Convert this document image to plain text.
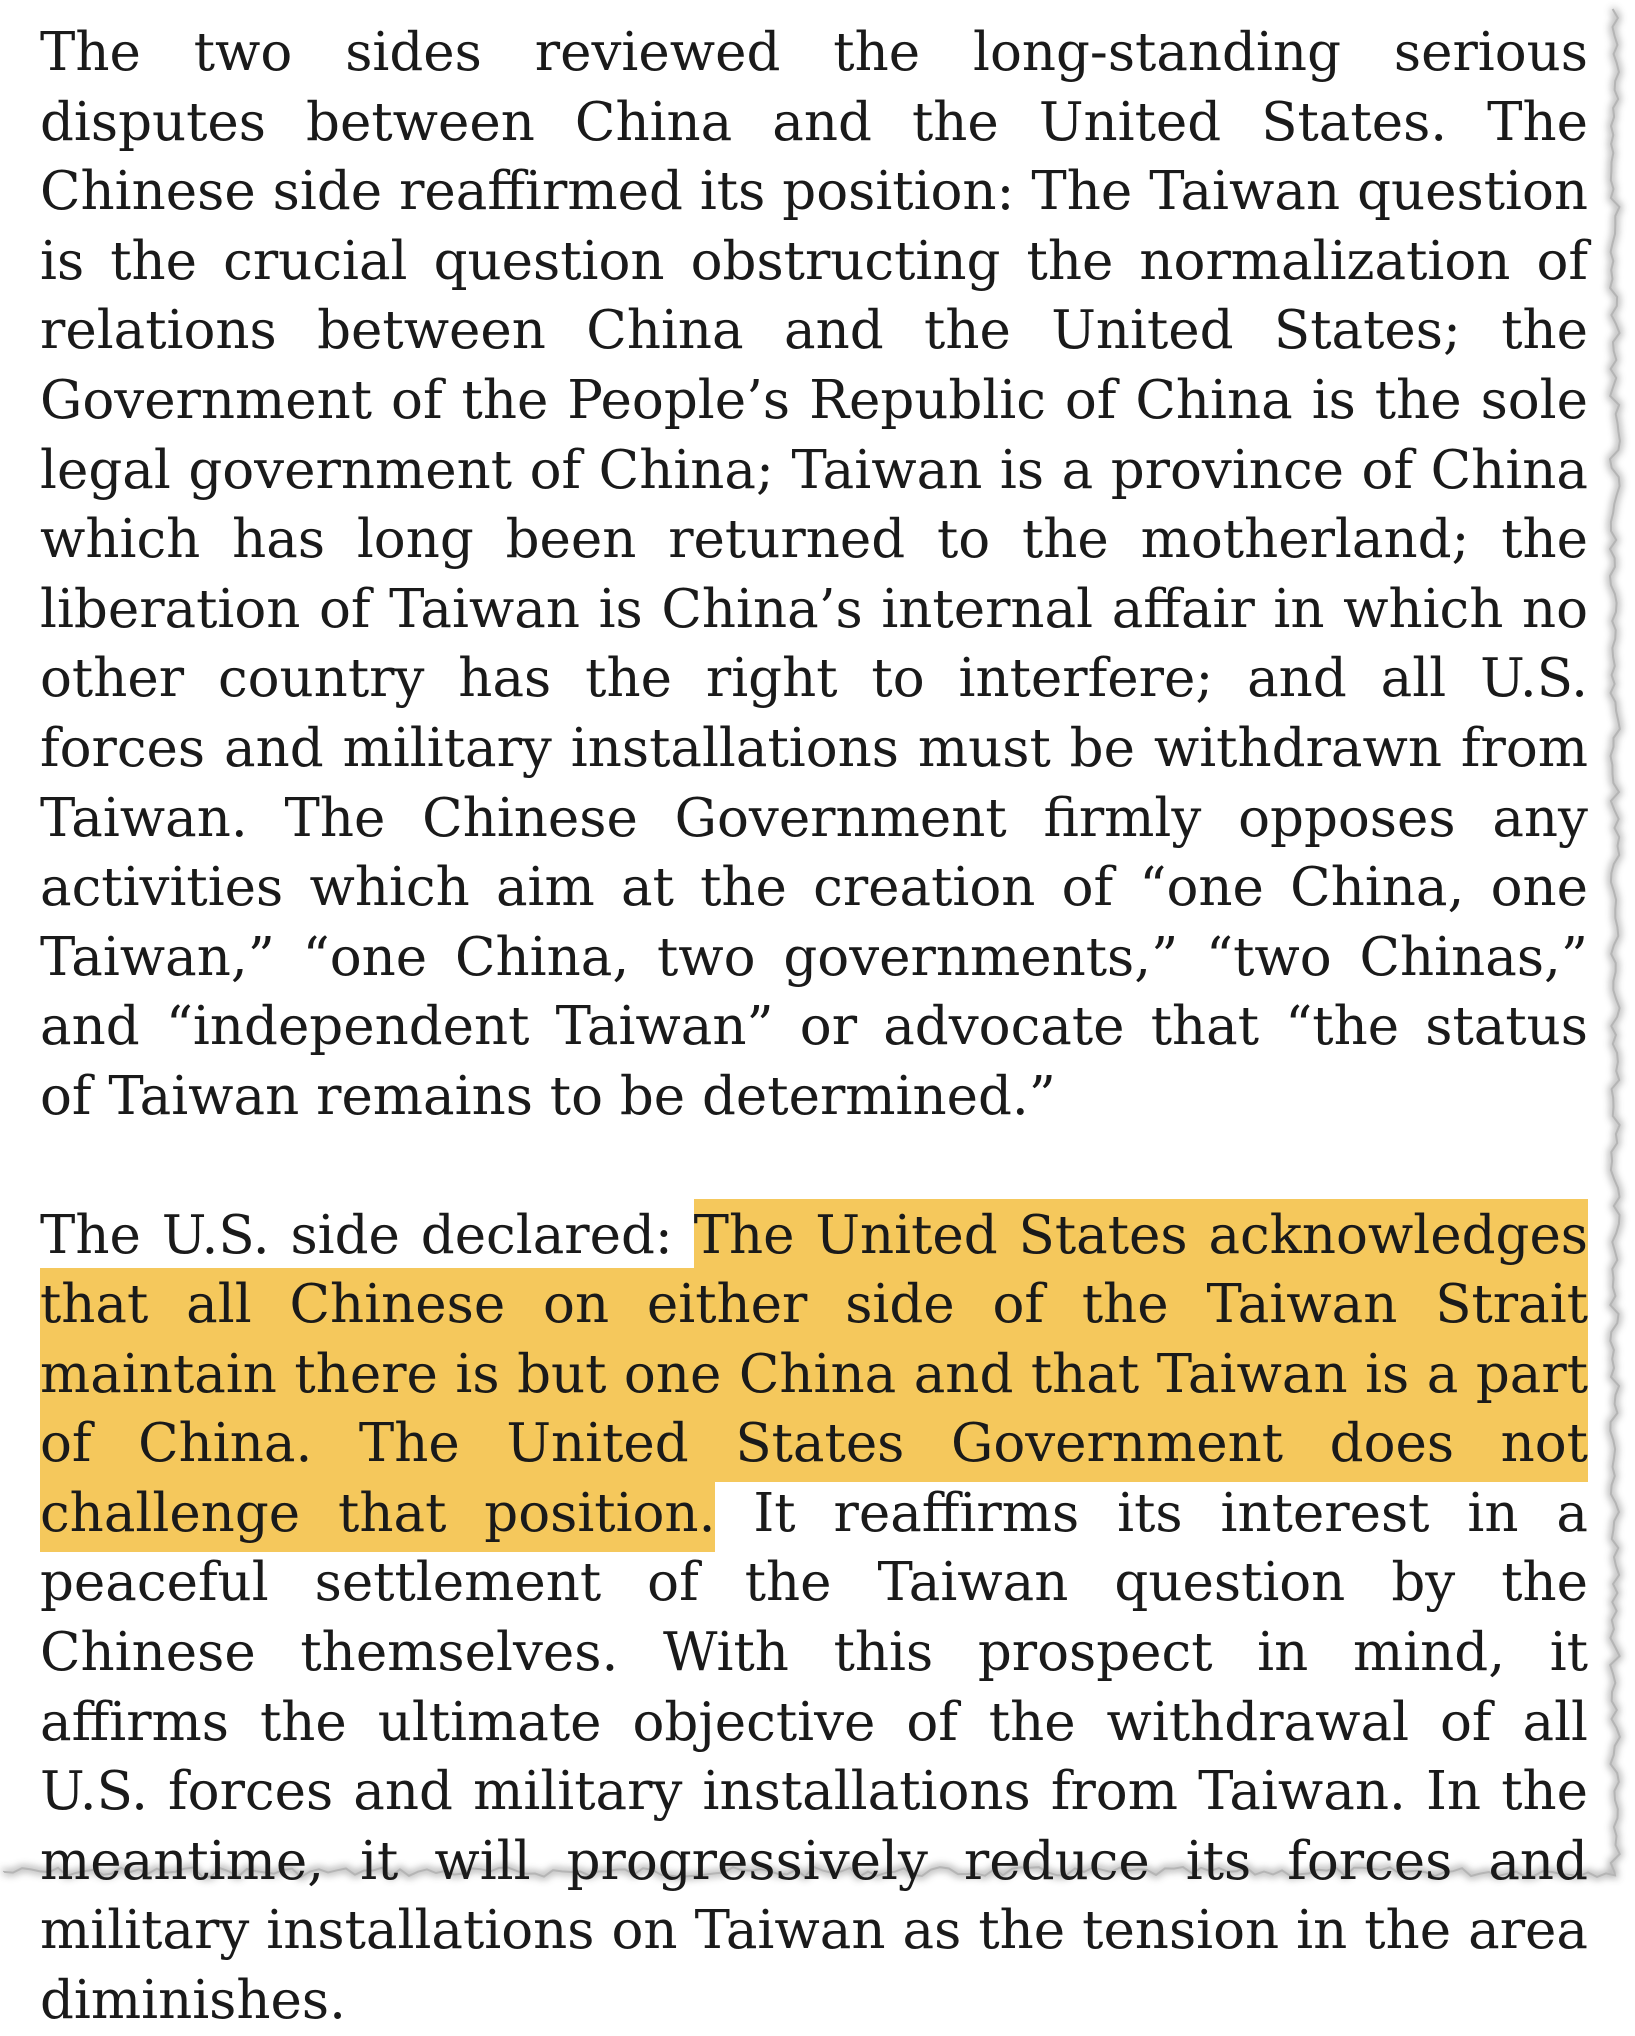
The two sides reviewed the long-standing serious disputes between China and the United States. The Chinese side reaffirmed its position: The Taiwan question is the crucial question obstructing the normalization of relations between China and the United States; the Government of the People’s Republic of China is the sole legal government of China; Taiwan is a province of China which has long been returned to the motherland; the liberation of Taiwan is China’s internal affair in which no other country has the right to interfere; and all U.S. forces and military installations must be withdrawn from Taiwan. The Chinese Government firmly opposes any activities which aim at the creation of “one China, one Taiwan,” “one China, two governments,” “two Chinas,” and “independent Taiwan” or advocate that “the status of Taiwan remains to be determined.”

The U.S. side declared: The United States acknowledges that all Chinese on either side of the Taiwan Strait maintain there is but one China and that Taiwan is a part of China. The United States Government does not challenge that position. It reaffirms its interest in a peaceful settlement of the Taiwan question by the Chinese themselves. With this prospect in mind, it affirms the ultimate objective of the withdrawal of all U.S. forces and military installations from Taiwan. In the meantime, it will progressively reduce its forces and military installations on Taiwan as the tension in the area diminishes.
